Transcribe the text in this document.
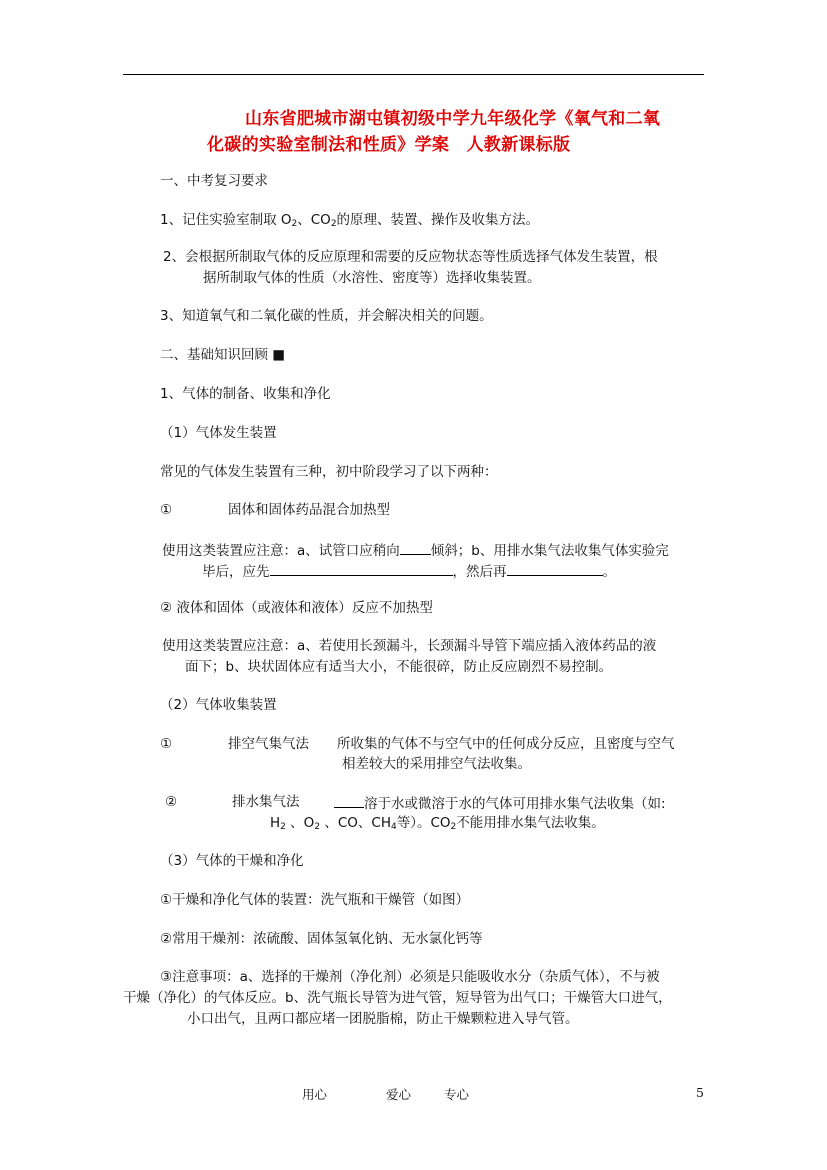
山东省肥城市湖屯镇初级中学九年级化学《氧气和二氧
化碳的实验室制法和性质》学案　人教新课标版
一、中考复习要求
1、记住实验室制取 $O_2$、$CO_2$的原理、装置、操作及收集方法。
2、会根据所制取气体的反应原理和需要的反应物状态等性质选择气体发生装置，根
据所制取气体的性质（水溶性、密度等）选择收集装置。
3、知道氧气和二氧化碳的性质，并会解决相关的问题。
二、基础知识回顾 ■
1、气体的制备、收集和净化
（1）气体发生装置
常见的气体发生装置有三种，初中阶段学习了以下两种：
①	固体和固体药品混合加热型
使用这类装置应注意：a、试管口应稍向 倾斜；b、用排水集气法收集气体实验完
毕后，应先	，然后再	。
② 液体和固体（或液体和液体）反应不加热型
使用这类装置应注意：a、若使用长颈漏斗，长颈漏斗导管下端应插入液体药品的液
面下；b、块状固体应有适当大小，不能很碎，防止反应剧烈不易控制。
（2）气体收集装置
①	排空气集气法 所收集的气体不与空气中的任何成分反应，且密度与空气
相差较大的采用排空气法收集。
②	排水集气法	溶于水或微溶于水的气体可用排水集气法收集（如:
$H_2$ 、$O_2$ 、CO、$CH_4$等）。$CO_2$不能用排水集气法收集。
（3）气体的干燥和净化
①干燥和净化气体的装置：洗气瓶和干燥管（如图）
②常用干燥剂：浓硫酸、固体氢氧化钠、无水氯化钙等
③注意事项：a、选择的干燥剂（净化剂）必须是只能吸收水分（杂质气体），不与被
干燥（净化）的气体反应。b、洗气瓶长导管为进气管，短导管为出气口；干燥管大口进气，
小口出气，且两口都应堵一团脱脂棉，防止干燥颗粒进入导气管。
用心	爱心	专心	5
